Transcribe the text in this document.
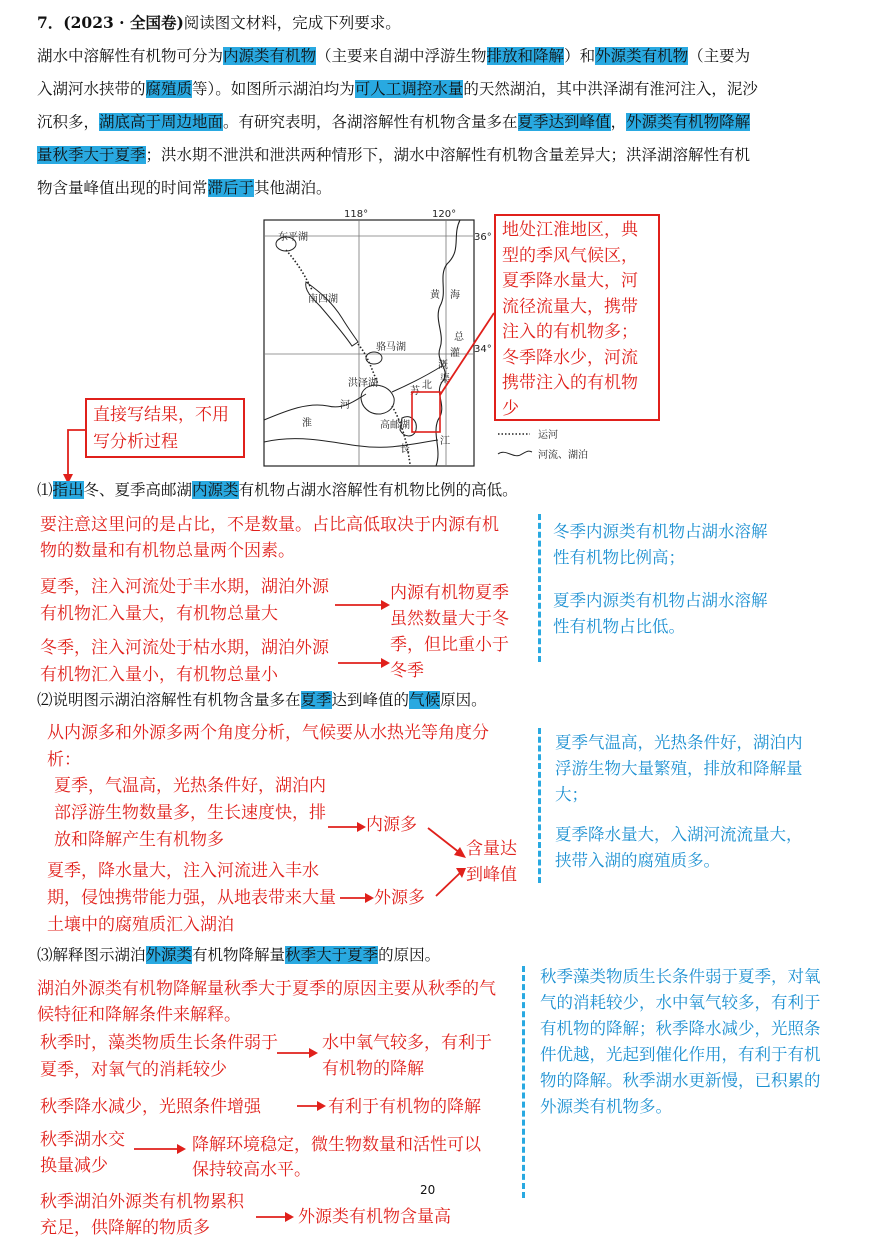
7．(2023 · 全国卷)阅读图文材料，完成下列要求。

湖水中溶解性有机物可分为内源类有机物（主要来自湖中浮游生物排放和降解）和外源类有机物（主要为

入湖河水挟带的腐殖质等）。如图所示湖泊均为可人工调控水量的天然湖泊，其中洪泽湖有淮河注入，泥沙

沉积多，湖底高于周边地面。有研究表明，各湖溶解性有机物含量多在夏季达到峰值，外源类有机物降解

量秋季大于夏季；洪水期不泄洪和泄洪两种情形下，湖水中溶解性有机物含量差异大；洪泽湖溶解性有机

物含量峰值出现的时间常滞后于其他湖泊。

118°	120°
36°
34°
东平湖
南四湖	黄 海
骆马湖
总
灌
溉
渠
洪泽湖
苏
北
河
淮	高邮湖
长
江
运河
河流、湖泊
地处江淮地区，典型的季风气候区，夏季降水量大，河流径流量大，携带注入的有机物多；冬季降水少，河流携带注入的有机物少
直接写结果，不用写分析过程
⑴指出冬、夏季高邮湖内源类有机物占湖水溶解性有机物比例的高低。
要注意这里问的是占比，不是数量。占比高低取决于内源有机物的数量和有机物总量两个因素。
夏季，注入河流处于丰水期，湖泊外源有机物汇入量大，有机物总量大
冬季，注入河流处于枯水期，湖泊外源有机物汇入量小，有机物总量小
内源有机物夏季虽然数量大于冬季，但比重小于冬季
冬季内源类有机物占湖水溶解性有机物比例高；
夏季内源类有机物占湖水溶解性有机物占比低。
⑵说明图示湖泊溶解性有机物含量多在夏季达到峰值的气候原因。
从内源多和外源多两个角度分析，气候要从水热光等角度分析：
夏季，气温高，光热条件好，湖泊内部浮游生物数量多，生长速度快，排放和降解产生有机物多
内源多
夏季，降水量大，注入河流进入丰水期，侵蚀携带能力强，从地表带来大量土壤中的腐殖质汇入湖泊
外源多
含量达到峰值
夏季气温高，光热条件好，湖泊内浮游生物大量繁殖，排放和降解量大；
夏季降水量大，入湖河流流量大，挟带入湖的腐殖质多。
⑶解释图示湖泊外源类有机物降解量秋季大于夏季的原因。
湖泊外源类有机物降解量秋季大于夏季的原因主要从秋季的气候特征和降解条件来解释。
秋季时，藻类物质生长条件弱于夏季，对氧气的消耗较少
水中氧气较多，有利于有机物的降解
秋季降水减少，光照条件增强	有利于有机物的降解
秋季湖水交换量减少
降解环境稳定，微生物数量和活性可以保持较高水平。
秋季湖泊外源类有机物累积充足，供降解的物质多
外源类有机物含量高
秋季藻类物质生长条件弱于夏季，对氧气的消耗较少，水中氧气较多，有利于有机物的降解；秋季降水减少，光照条件优越，光起到催化作用，有利于有机物的降解。秋季湖水更新慢，已积累的外源类有机物多。
20
